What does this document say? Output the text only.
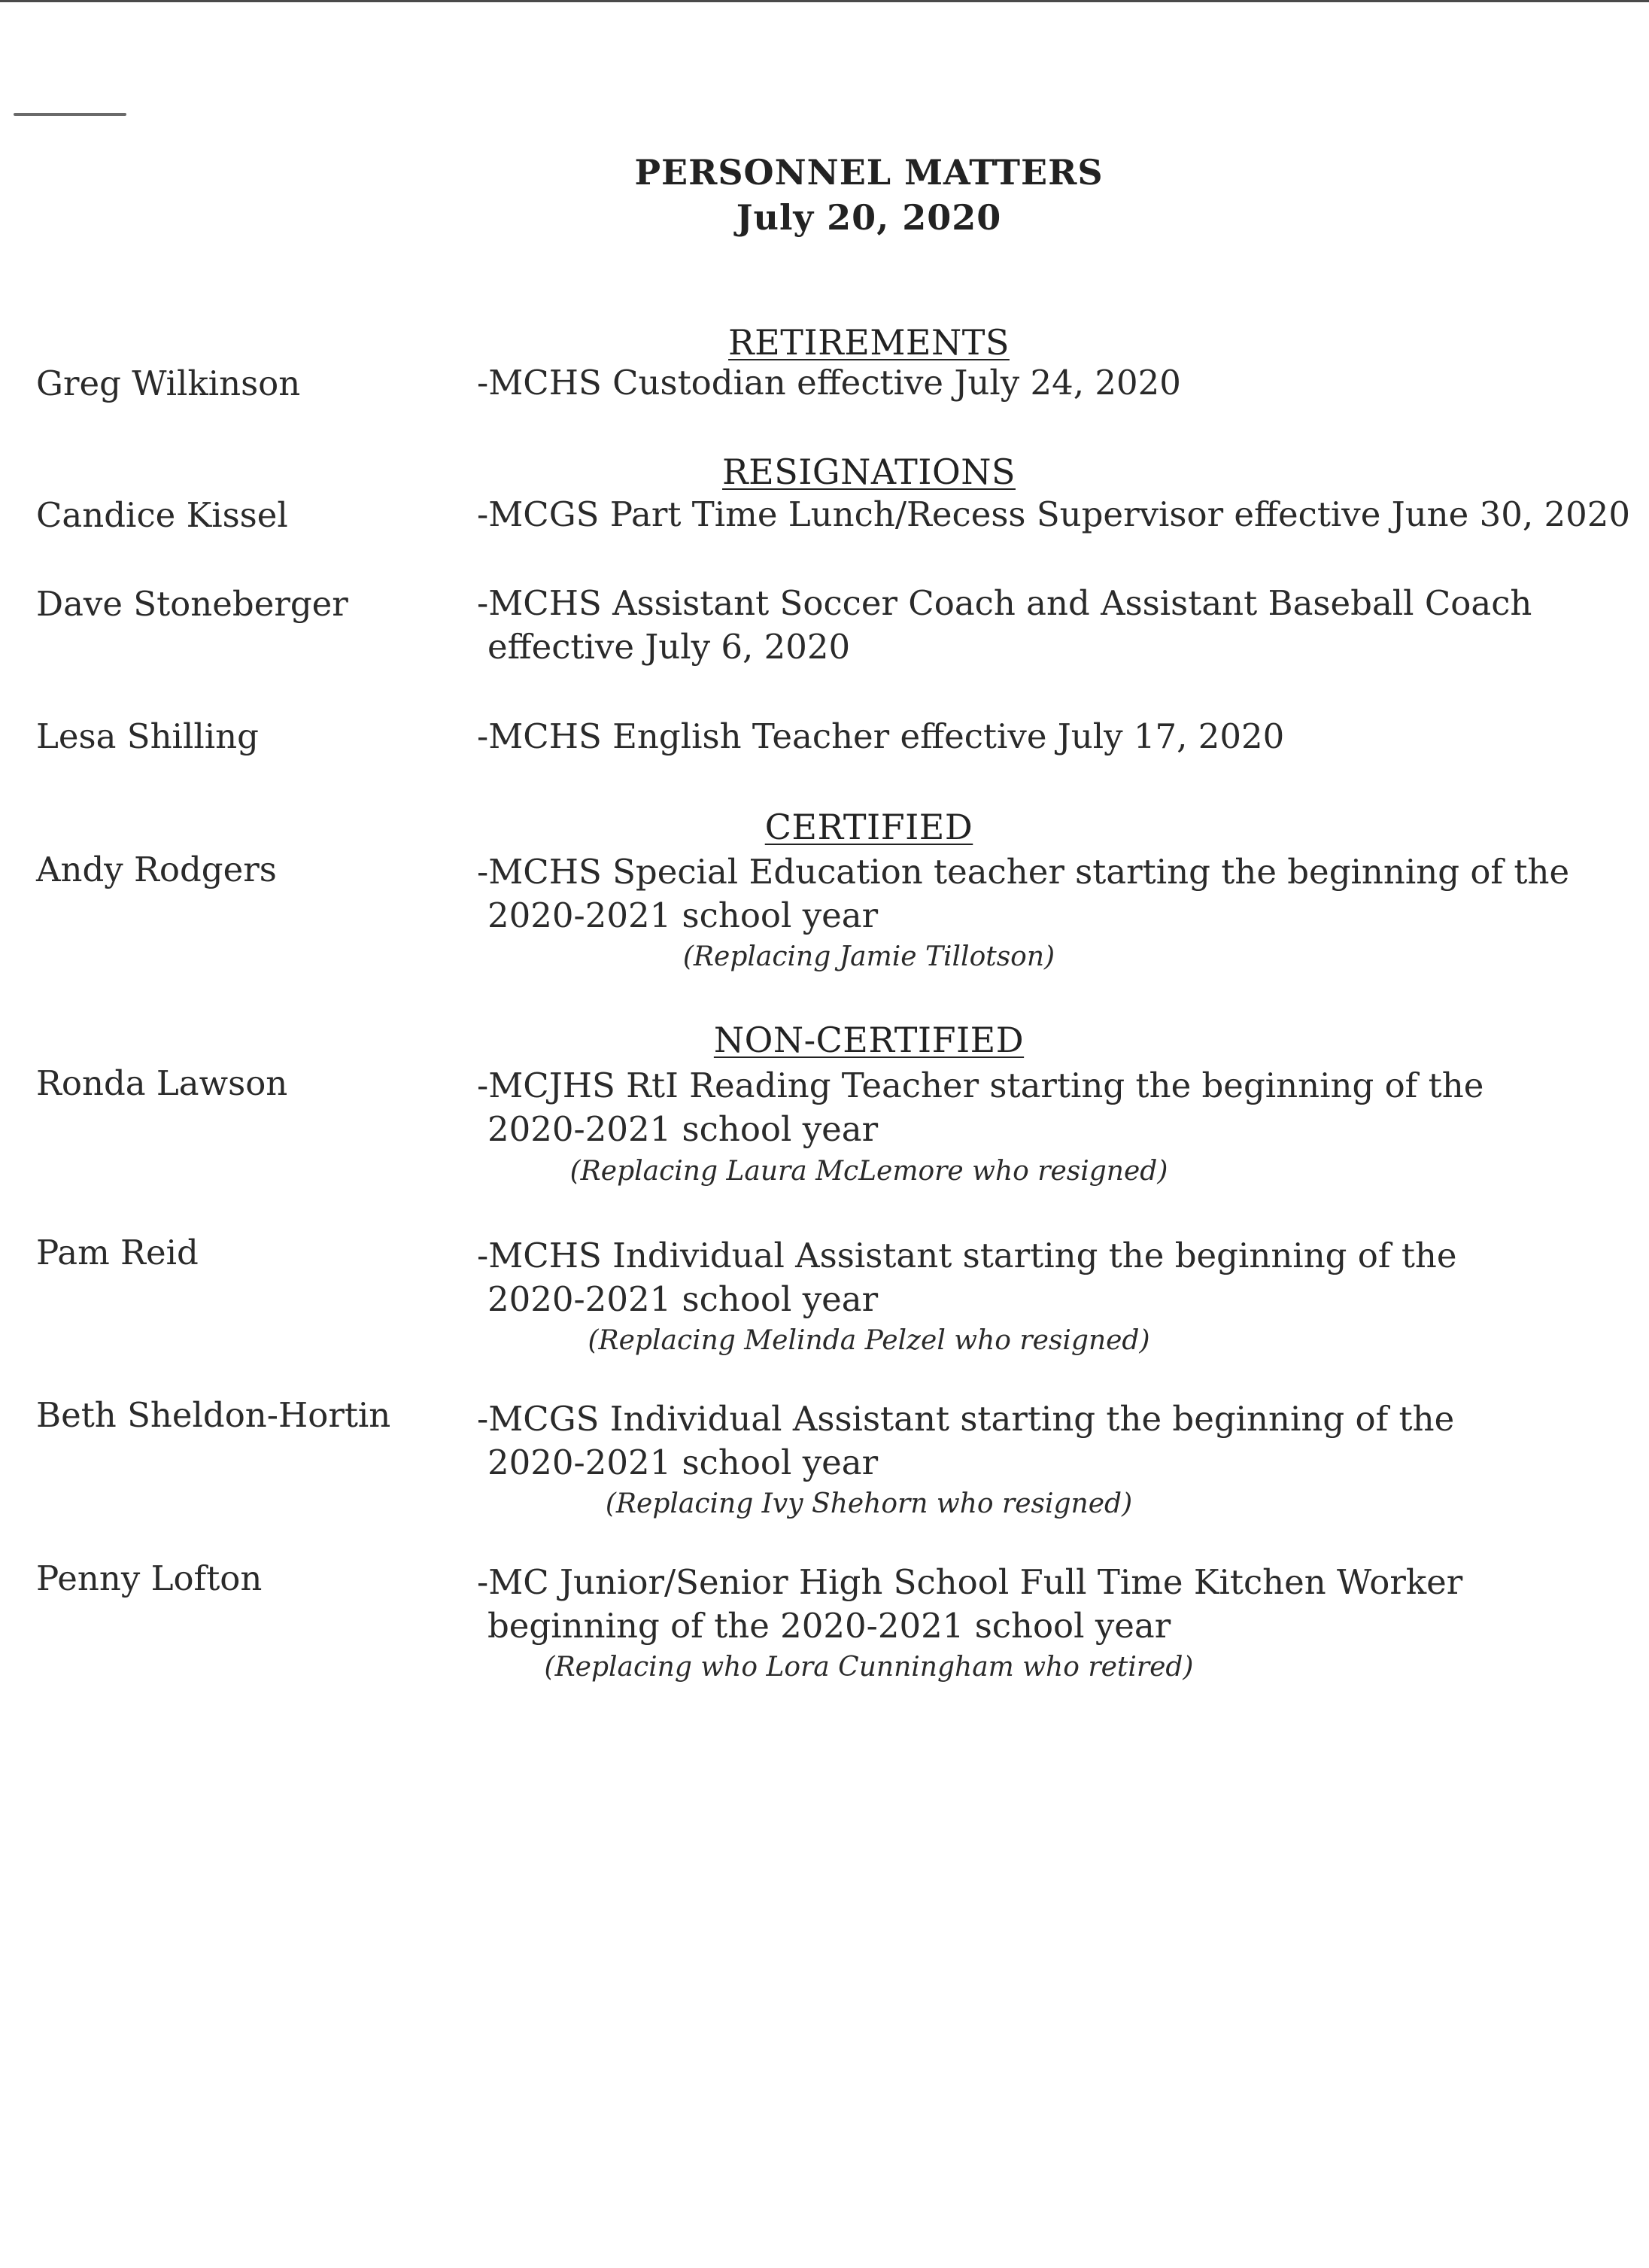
PERSONNEL MATTERS
July 20, 2020
RETIREMENTS
Greg Wilkinson	-MCHS Custodian effective July 24, 2020
RESIGNATIONS
Candice Kissel	-MCGS Part Time Lunch/Recess Supervisor effective June 30, 2020
Dave Stoneberger	-MCHS Assistant Soccer Coach and Assistant Baseball Coach
effective July 6, 2020
Lesa Shilling	-MCHS English Teacher effective July 17, 2020
CERTIFIED
Andy Rodgers	-MCHS Special Education teacher starting the beginning of the
2020-2021 school year
(Replacing Jamie Tillotson)
NON-CERTIFIED
Ronda Lawson	-MCJHS RtI Reading Teacher starting the beginning of the
2020-2021 school year
(Replacing Laura McLemore who resigned)
Pam Reid	-MCHS Individual Assistant starting the beginning of the
2020-2021 school year
(Replacing Melinda Pelzel who resigned)
Beth Sheldon-Hortin	-MCGS Individual Assistant starting the beginning of the
2020-2021 school year
(Replacing Ivy Shehorn who resigned)
Penny Lofton	-MC Junior/Senior High School Full Time Kitchen Worker
beginning of the 2020-2021 school year
(Replacing who Lora Cunningham who retired)
